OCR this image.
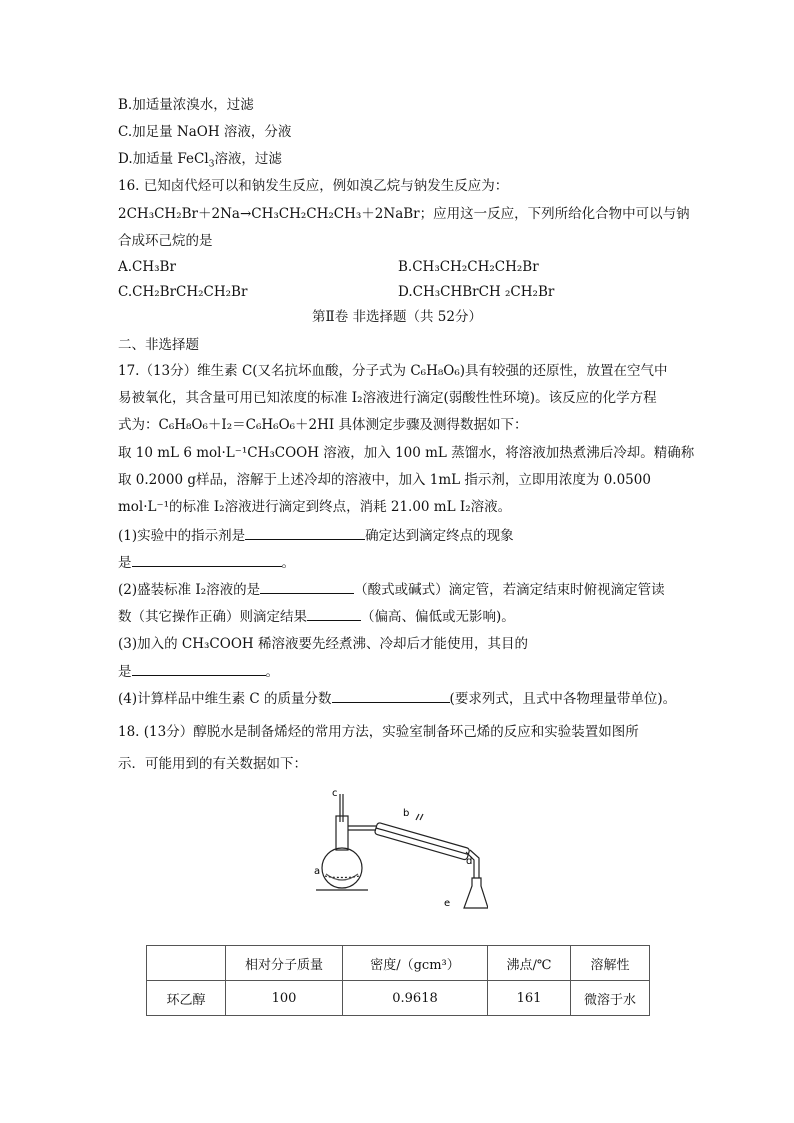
B.加适量浓溴水，过滤
C.加足量 NaOH 溶液，分液
D.加适量 FeCl$_3$溶液，过滤
16. 已知卤代烃可以和钠发生反应，例如溴乙烷与钠发生反应为：
2CH₃CH₂Br＋2Na→CH₃CH₂CH₂CH₃＋2NaBr；应用这一反应，下列所给化合物中可以与钠
合成环己烷的是
A.CH₃Br	B.CH₃CH₂CH₂CH₂Br
C.CH₂BrCH₂CH₂Br	D.CH₃CHBrCH ₂CH₂Br
第Ⅱ卷 非选择题（共 52分）
二、非选择题
17.（13分）维生素 C(又名抗坏血酸，分子式为 C₆H₈O₆)具有较强的还原性，放置在空气中
易被氧化，其含量可用已知浓度的标准 I₂溶液进行滴定(弱酸性性环境)。该反应的化学方程
式为：C₆H₈O₆＋I₂＝C₆H₆O₆＋2HI 具体测定步骤及测得数据如下：
取 10 mL 6 mol·L⁻¹CH₃COOH 溶液，加入 100 mL 蒸馏水，将溶液加热煮沸后冷却。精确称
取 0.2000 g样品，溶解于上述冷却的溶液中，加入 1mL 指示剂，立即用浓度为 0.0500
mol·L⁻¹的标准 I₂溶液进行滴定到终点，消耗 21.00 mL I₂溶液。
(1)实验中的指示剂是	确定达到滴定终点的现象
是	。
(2)盛装标准 I₂溶液的是	（酸式或碱式）滴定管，若滴定结束时俯视滴定管读
数（其它操作正确）则滴定结果	（偏高、偏低或无影响)。
(3)加入的 CH₃COOH 稀溶液要先经煮沸、冷却后才能使用，其目的
是	。
(4)计算样品中维生素 C 的质量分数	(要求列式，且式中各物理量带单位)。
18. (13分）醇脱水是制备烯烃的常用方法，实验室制备环己烯的反应和实验装置如图所
示．可能用到的有关数据如下：
c
a
b
d
e
	相对分子质量	密度/（gcm³）	沸点/℃	溶解性
环乙醇	100	0.9618	161	微溶于水
